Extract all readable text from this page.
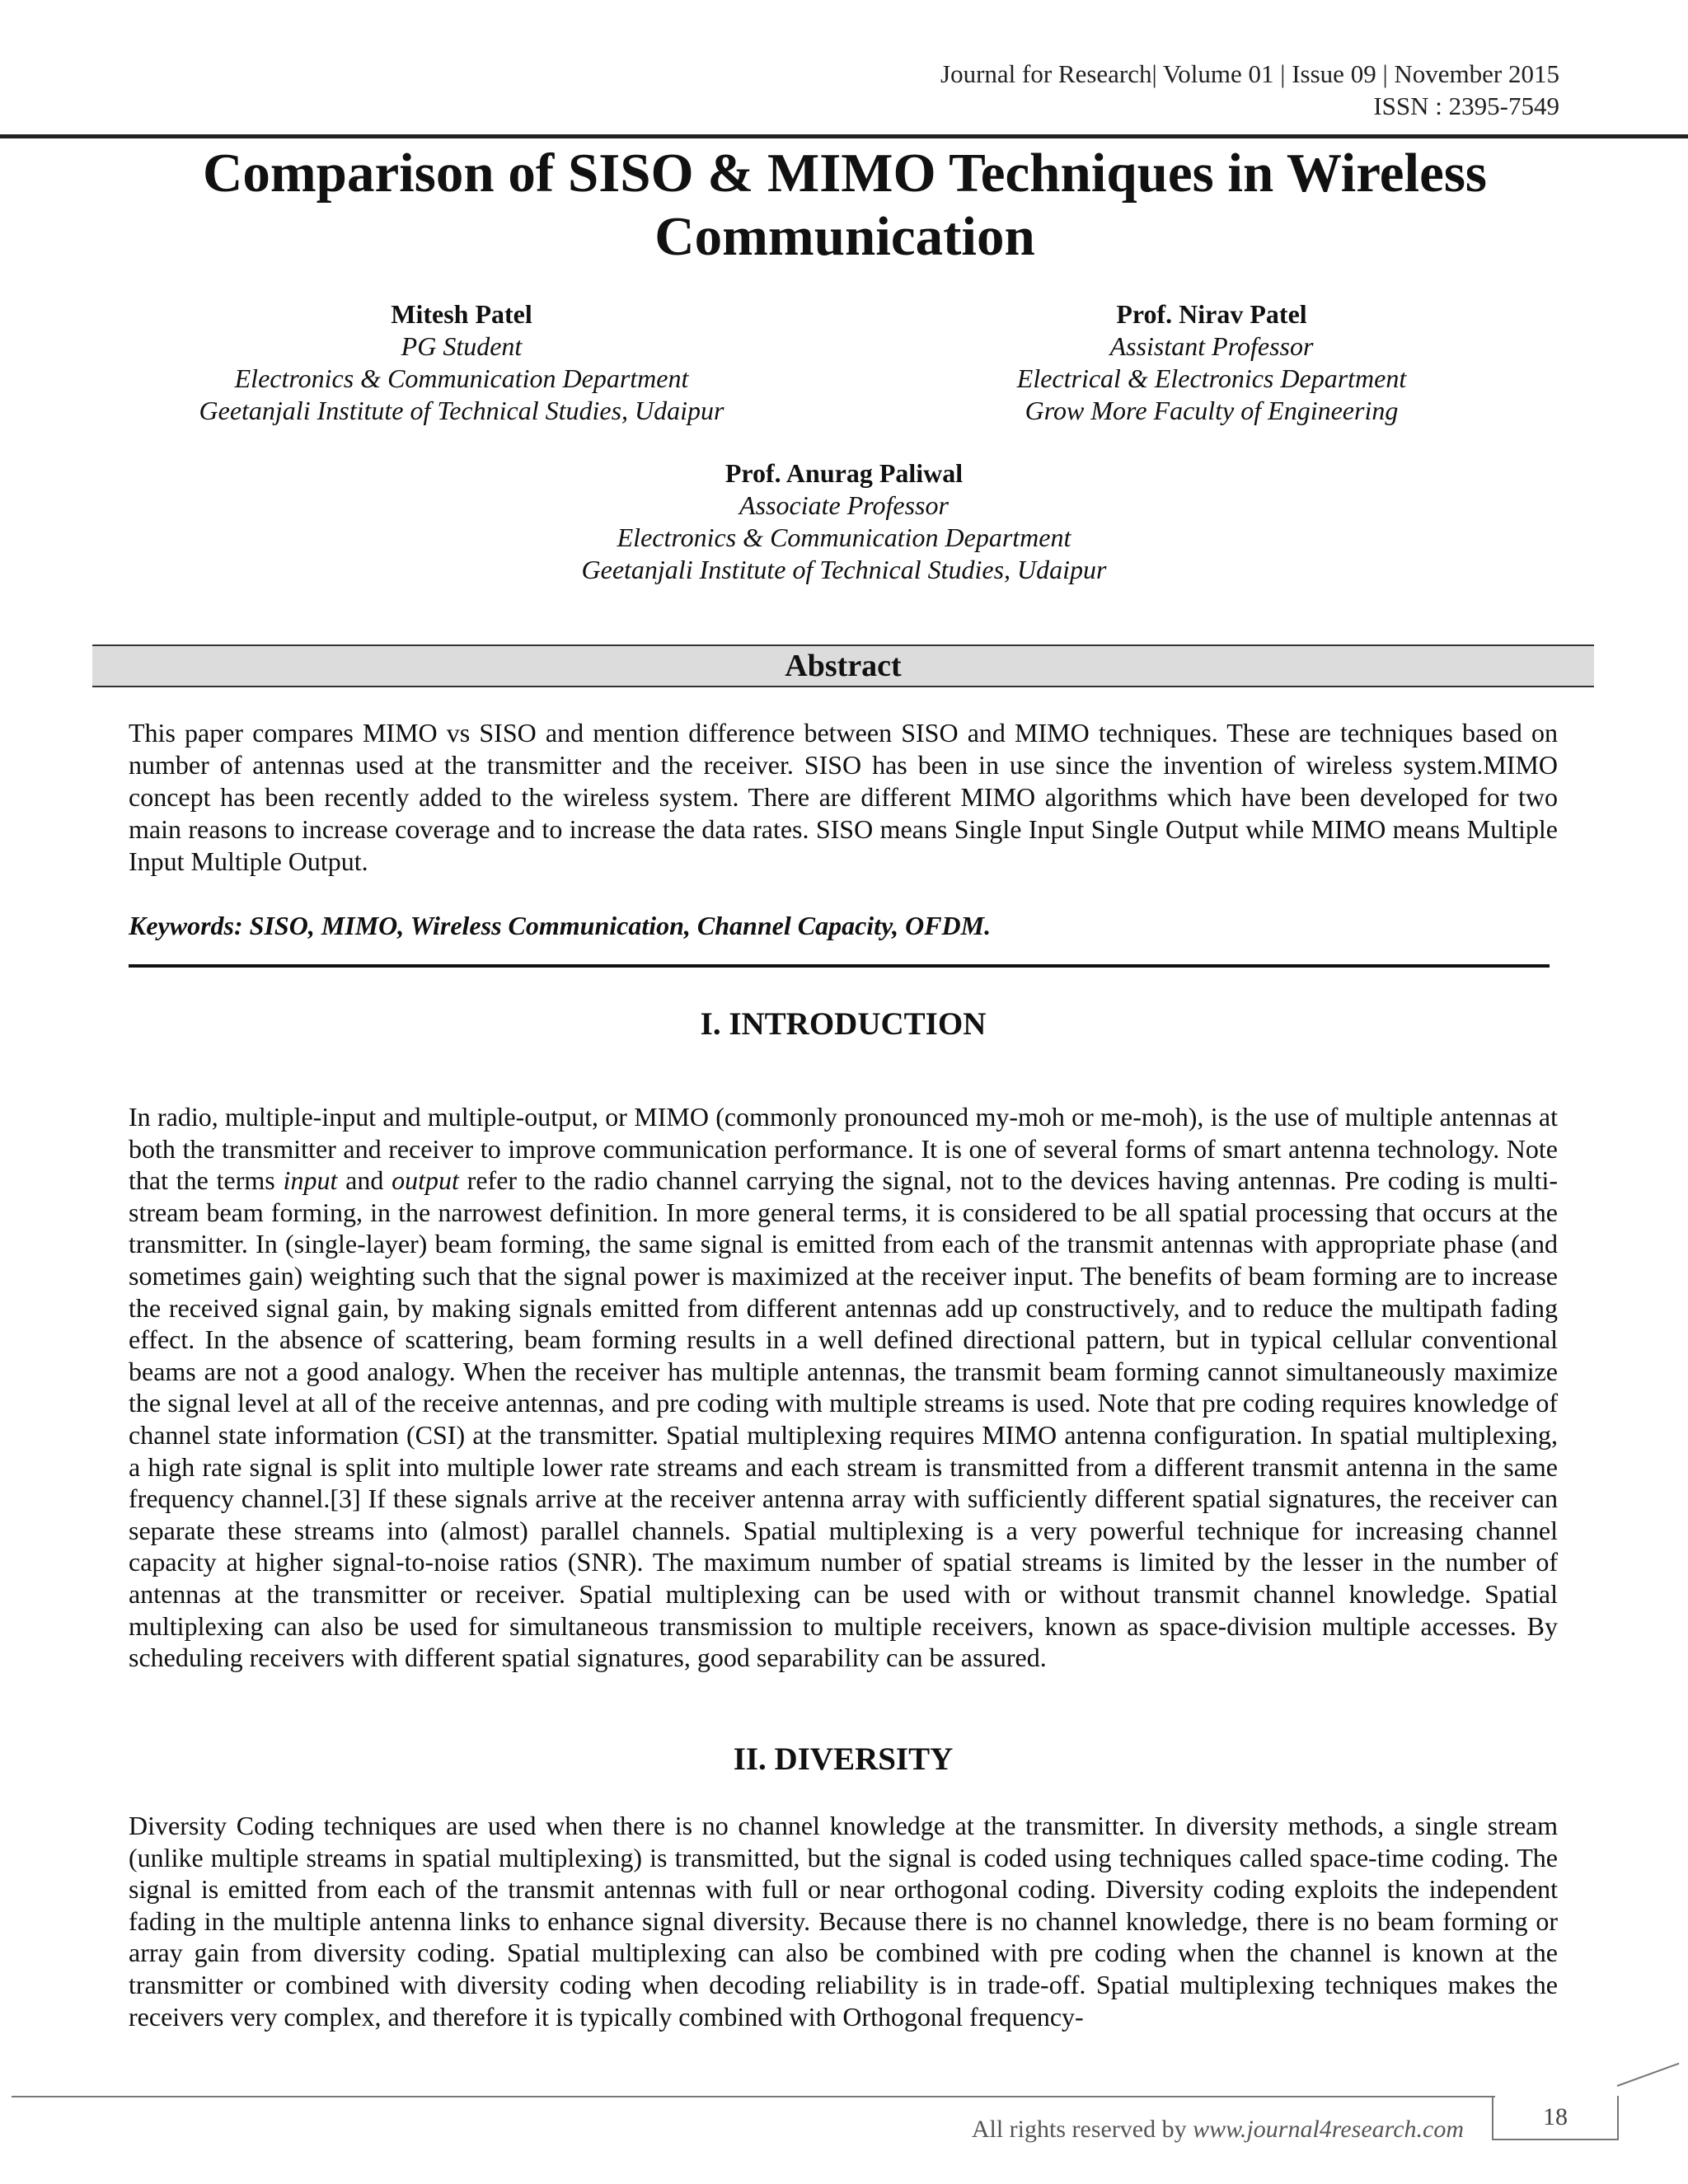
Journal for Research| Volume 01 | Issue 09 | November 2015
ISSN : 2395-7549
Comparison of SISO & MIMO Techniques in Wireless
Communication
Mitesh Patel
PG Student
Electronics & Communication Department
Geetanjali Institute of Technical Studies, Udaipur
Prof. Nirav Patel
Assistant Professor
Electrical & Electronics Department
Grow More Faculty of Engineering
Prof. Anurag Paliwal
Associate Professor
Electronics & Communication Department
Geetanjali Institute of Technical Studies, Udaipur
Abstract

This paper compares MIMO vs SISO and mention difference between SISO and MIMO techniques. These are techniques based on number of antennas used at the transmitter and the receiver. SISO has been in use since the invention of wireless system.MIMO concept has been recently added to the wireless system. There are different MIMO algorithms which have been developed for two main reasons to increase coverage and to increase the data rates. SISO means Single Input Single Output while MIMO means Multiple Input Multiple Output.

Keywords: SISO, MIMO, Wireless Communication, Channel Capacity, OFDM.
I. INTRODUCTION

In radio, multiple-input and multiple-output, or MIMO (commonly pronounced my-moh or me-moh), is the use of multiple antennas at both the transmitter and receiver to improve communication performance. It is one of several forms of smart antenna technology. Note that the terms input and output refer to the radio channel carrying the signal, not to the devices having antennas. Pre coding is multi-stream beam forming, in the narrowest definition. In more general terms, it is considered to be all spatial processing that occurs at the transmitter. In (single-layer) beam forming, the same signal is emitted from each of the transmit antennas with appropriate phase (and sometimes gain) weighting such that the signal power is maximized at the receiver input. The benefits of beam forming are to increase the received signal gain, by making signals emitted from different antennas add up constructively, and to reduce the multipath fading effect. In the absence of scattering, beam forming results in a well defined directional pattern, but in typical cellular conventional beams are not a good analogy. When the receiver has multiple antennas, the transmit beam forming cannot simultaneously maximize the signal level at all of the receive antennas, and pre coding with multiple streams is used. Note that pre coding requires knowledge of channel state information (CSI) at the transmitter. Spatial multiplexing requires MIMO antenna configuration. In spatial multiplexing, a high rate signal is split into multiple lower rate streams and each stream is transmitted from a different transmit antenna in the same frequency channel.[3] If these signals arrive at the receiver antenna array with sufficiently different spatial signatures, the receiver can separate these streams into (almost) parallel channels. Spatial multiplexing is a very powerful technique for increasing channel capacity at higher signal-to-noise ratios (SNR). The maximum number of spatial streams is limited by the lesser in the number of antennas at the transmitter or receiver. Spatial multiplexing can be used with or without transmit channel knowledge. Spatial multiplexing can also be used for simultaneous transmission to multiple receivers, known as space-division multiple accesses. By scheduling receivers with different spatial signatures, good separability can be assured.

II. DIVERSITY

Diversity Coding techniques are used when there is no channel knowledge at the transmitter. In diversity methods, a single stream (unlike multiple streams in spatial multiplexing) is transmitted, but the signal is coded using techniques called space-time coding. The signal is emitted from each of the transmit antennas with full or near orthogonal coding. Diversity coding exploits the independent fading in the multiple antenna links to enhance signal diversity. Because there is no channel knowledge, there is no beam forming or array gain from diversity coding. Spatial multiplexing can also be combined with pre coding when the channel is known at the transmitter or combined with diversity coding when decoding reliability is in trade-off. Spatial multiplexing techniques makes the receivers very complex, and therefore it is typically combined with Orthogonal frequency-

All rights reserved by www.journal4research.com	18
